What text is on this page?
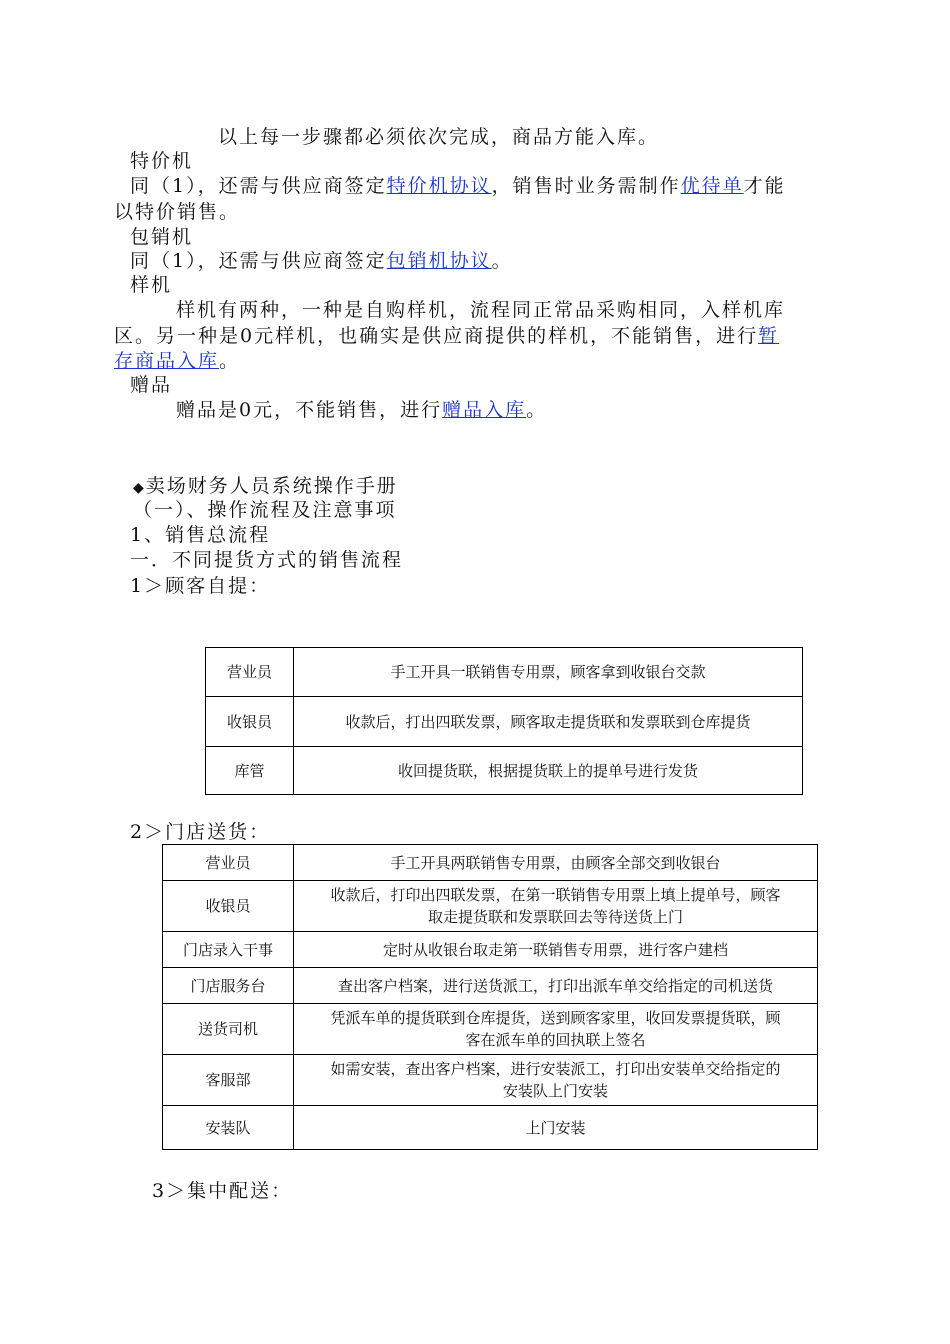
以上每一步骤都必须依次完成，商品方能入库。
特价机
同（1），还需与供应商签定特价机协议，销售时业务需制作优待单才能
以特价销售。
包销机
同（1），还需与供应商签定包销机协议。
样机
样机有两种，一种是自购样机，流程同正常品采购相同，入样机库
区。另一种是0元样机，也确实是供应商提供的样机，不能销售，进行暂
存商品入库。
赠品
赠品是0元，不能销售，进行赠品入库。
◆卖场财务人员系统操作手册
（一）、操作流程及注意事项
1、销售总流程
一．不同提货方式的销售流程
1＞顾客自提：
营业员	手工开具一联销售专用票，顾客拿到收银台交款
收银员	收款后，打出四联发票，顾客取走提货联和发票联到仓库提货
库管	收回提货联，根据提货联上的提单号进行发货
2＞门店送货：
营业员	手工开具两联销售专用票，由顾客全部交到收银台
收银员	收款后，打印出四联发票，在第一联销售专用票上填上提单号，顾客
取走提货联和发票联回去等待送货上门
门店录入干事	定时从收银台取走第一联销售专用票，进行客户建档
门店服务台	查出客户档案，进行送货派工，打印出派车单交给指定的司机送货
送货司机	凭派车单的提货联到仓库提货，送到顾客家里，收回发票提货联，顾
客在派车单的回执联上签名
客服部	如需安装，查出客户档案，进行安装派工，打印出安装单交给指定的
安装队上门安装
安装队	上门安装
3＞集中配送：
